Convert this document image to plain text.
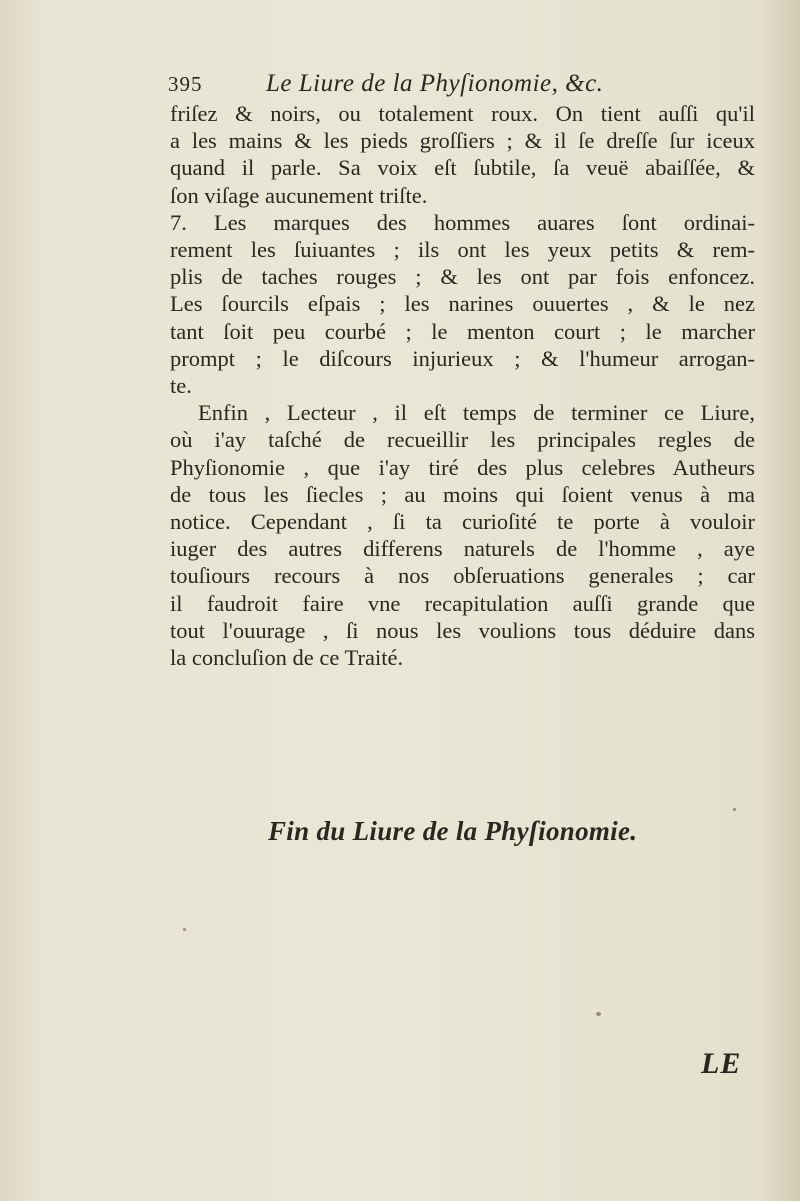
395	Le Liure de la Phyſionomie, &c.
friſez & noirs, ou totalement roux. On tient auſſi qu'il
a les mains & les pieds groſſiers ; & il ſe dreſſe ſur iceux
quand il parle. Sa voix eſt ſubtile, ſa veuë abaiſſée, &
ſon viſage aucunement triſte.
7. Les marques des hommes auares ſont ordinai-
rement les ſuiuantes ; ils ont les yeux petits & rem-
plis de taches rouges ; & les ont par fois enfoncez.
Les ſourcils eſpais ; les narines ouuertes , & le nez
tant ſoit peu courbé ; le menton court ; le marcher
prompt ; le diſcours injurieux ; & l'humeur arrogan-
te.
Enfin , Lecteur , il eſt temps de terminer ce Liure,
où i'ay taſché de recueillir les principales regles de
Phyſionomie , que i'ay tiré des plus celebres Autheurs
de tous les ſiecles ; au moins qui ſoient venus à ma
notice. Cependant , ſi ta curioſité te porte à vouloir
iuger des autres differens naturels de l'homme , aye
touſiours recours à nos obſeruations generales ; car
il faudroit faire vne recapitulation auſſi grande que
tout l'ouurage , ſi nous les voulions tous déduire dans
la concluſion de ce Traité.
Fin du Liure de la Phyſionomie.
LE
